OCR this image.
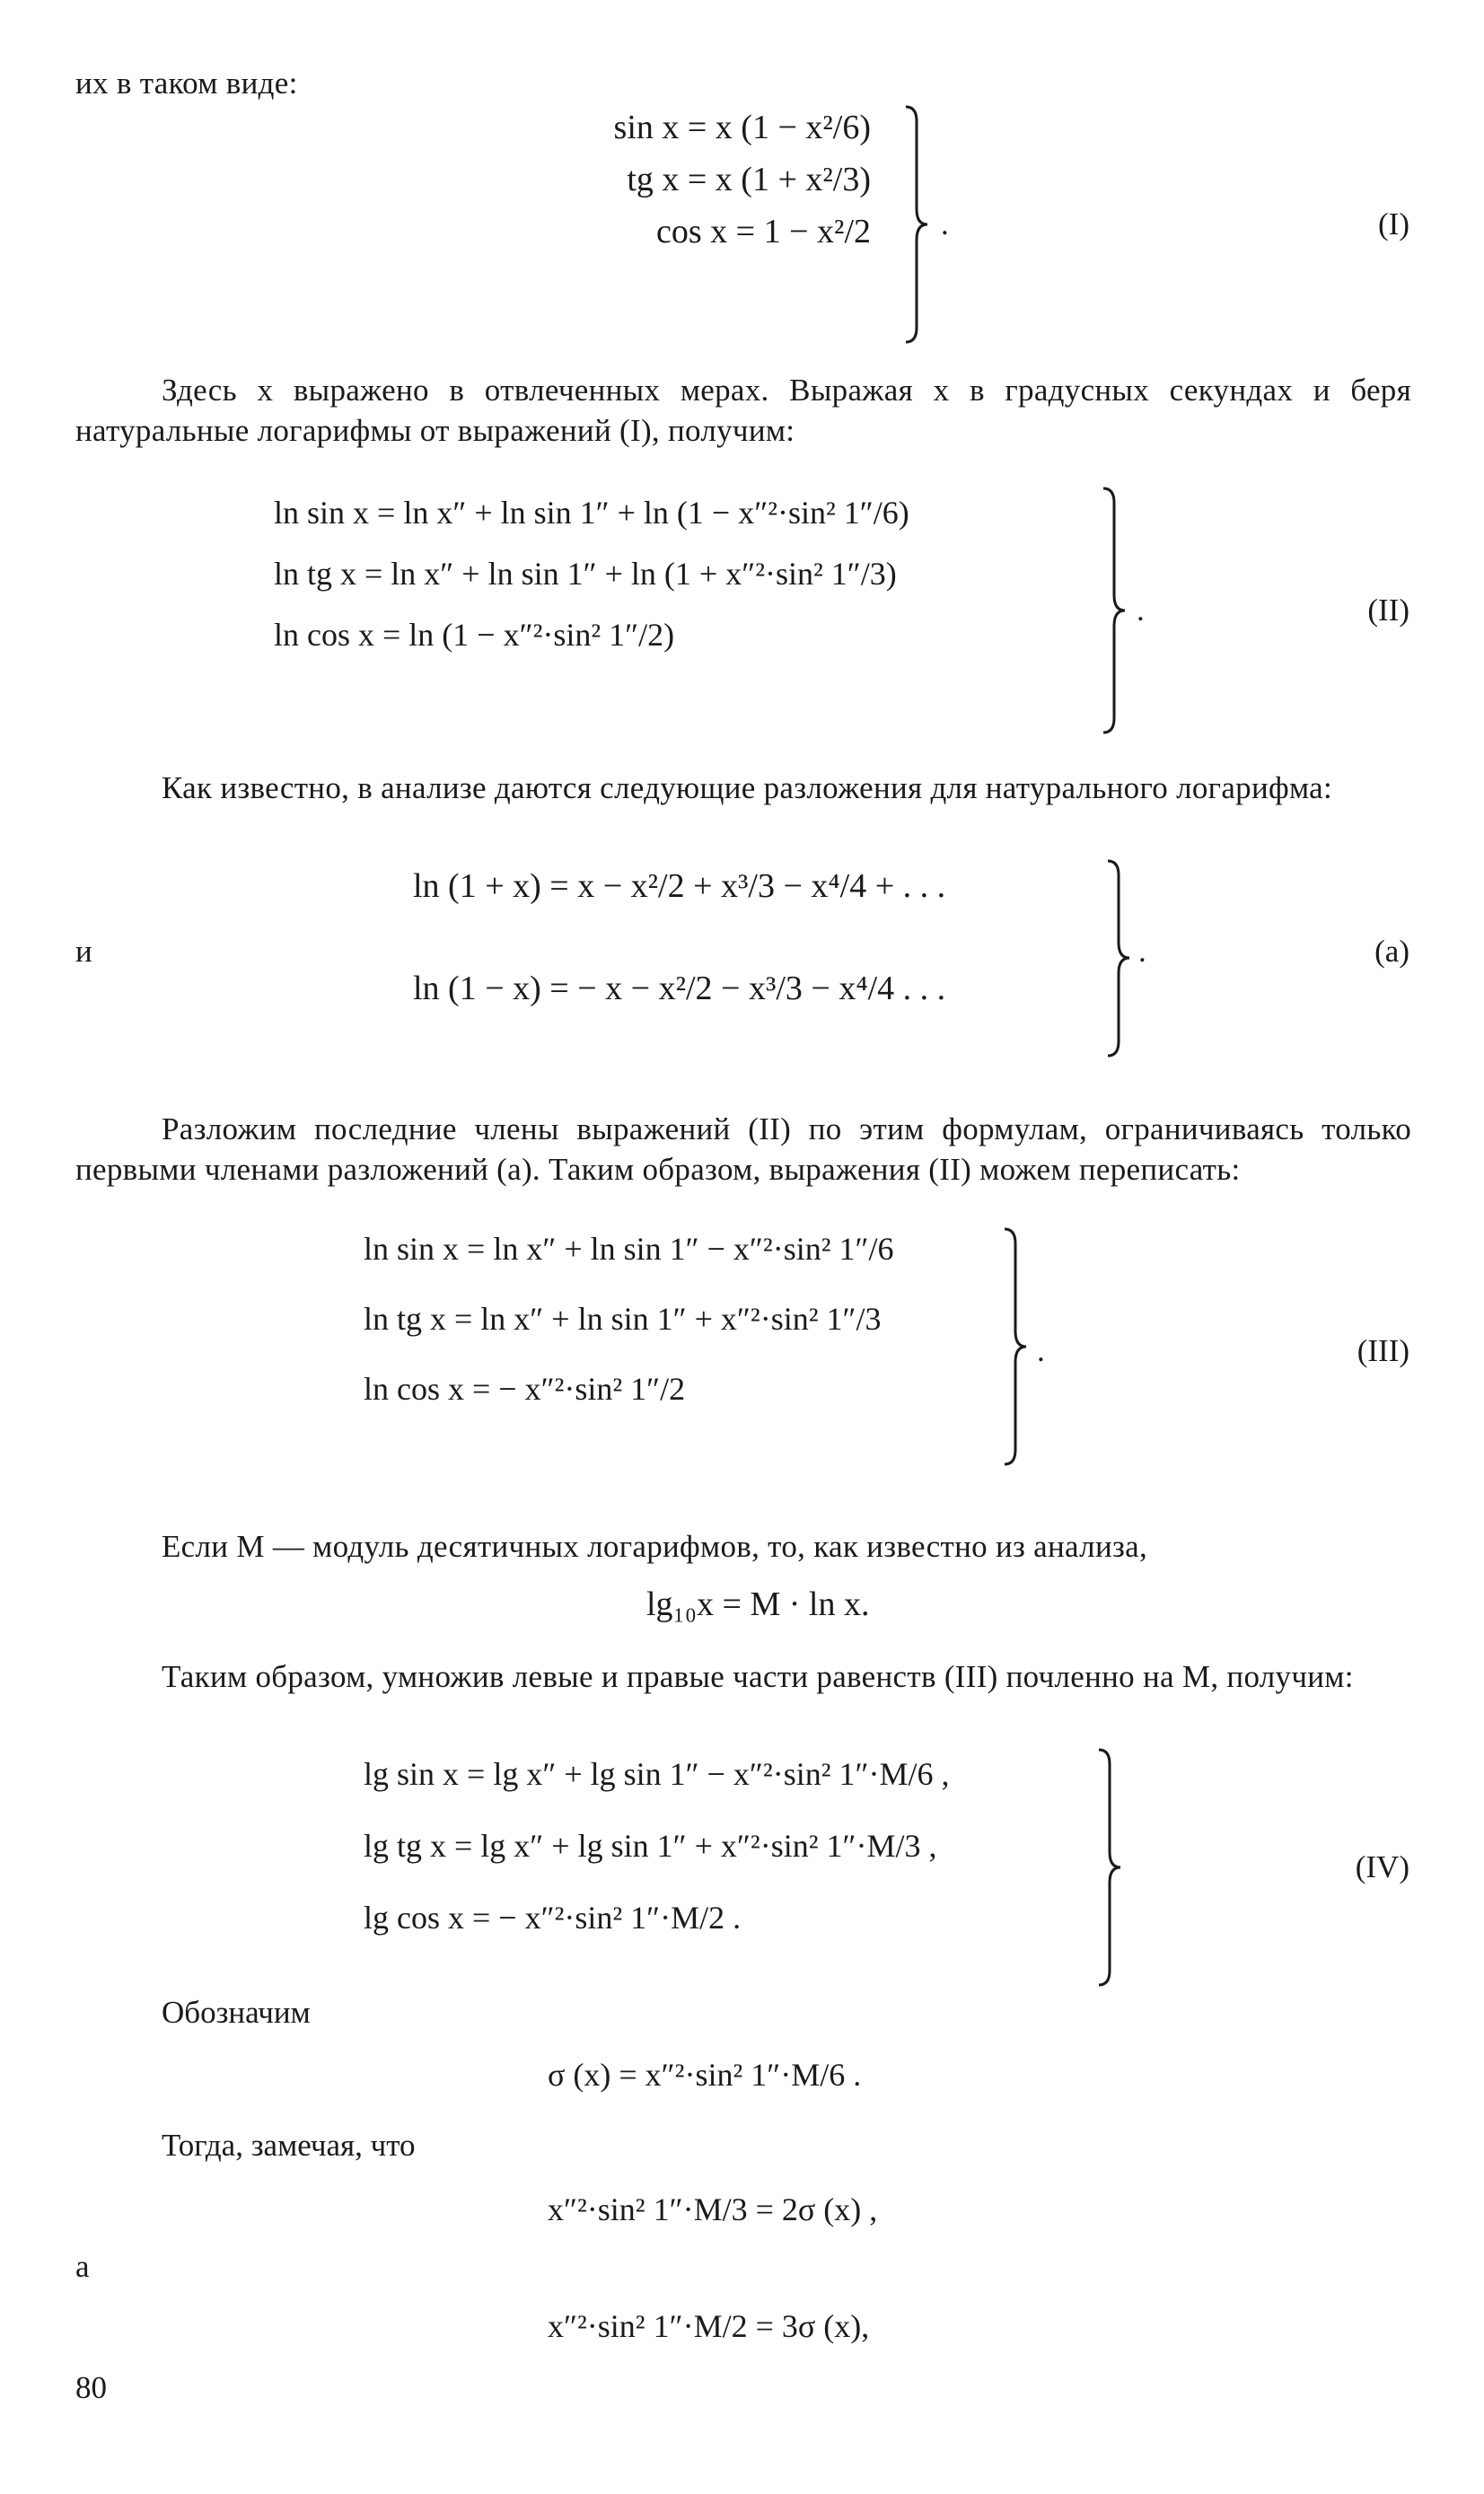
их в таком виде:
sin x = x (1 − x²/6)
tg x = x (1 + x²/3)
cos x = 1 − x²/2 .	(I)
Здесь x выражено в отвлеченных мерах. Выражая x в градусных секундах и беря натуральные логарифмы от выражений (I), получим:
ln sin x = ln x″ + ln sin 1″ + ln (1 − x″²·sin² 1″/6)
ln tg x = ln x″ + ln sin 1″ + ln (1 + x″²·sin² 1″/3)
ln cos x = ln (1 − x″²·sin² 1″/2)
.	(II)
Как известно, в анализе даются следующие разложения для натурального логарифма:
ln (1 + x) = x − x²/2 + x³/3 − x⁴/4 + . . .
ln (1 − x) = − x − x²/2 − x³/3 − x⁴/4 . . .
и	.	(a)
Разложим последние члены выражений (II) по этим формулам, ограничиваясь только первыми членами разложений (a). Таким образом, выражения (II) можем переписать:
ln sin x = ln x″ + ln sin 1″ − x″²·sin² 1″/6
ln tg x = ln x″ + ln sin 1″ + x″²·sin² 1″/3
ln cos x = − x″²·sin² 1″/2
.	(III)
Если M — модуль десятичных логарифмов, то, как известно из анализа,
lg₁₀x = M · ln x.
Таким образом, умножив левые и правые части равенств (III) почленно на M, получим:
lg sin x = lg x″ + lg sin 1″ − x″²·sin² 1″·M/6 ,
lg tg x = lg x″ + lg sin 1″ + x″²·sin² 1″·M/3 ,
lg cos x = − x″²·sin² 1″·M/2 .
(IV)
Обозначим
σ (x) = x″²·sin² 1″·M/6 .
Тогда, замечая, что
x″²·sin² 1″·M/3 = 2σ (x) ,
а
x″²·sin² 1″·M/2 = 3σ (x),
80
